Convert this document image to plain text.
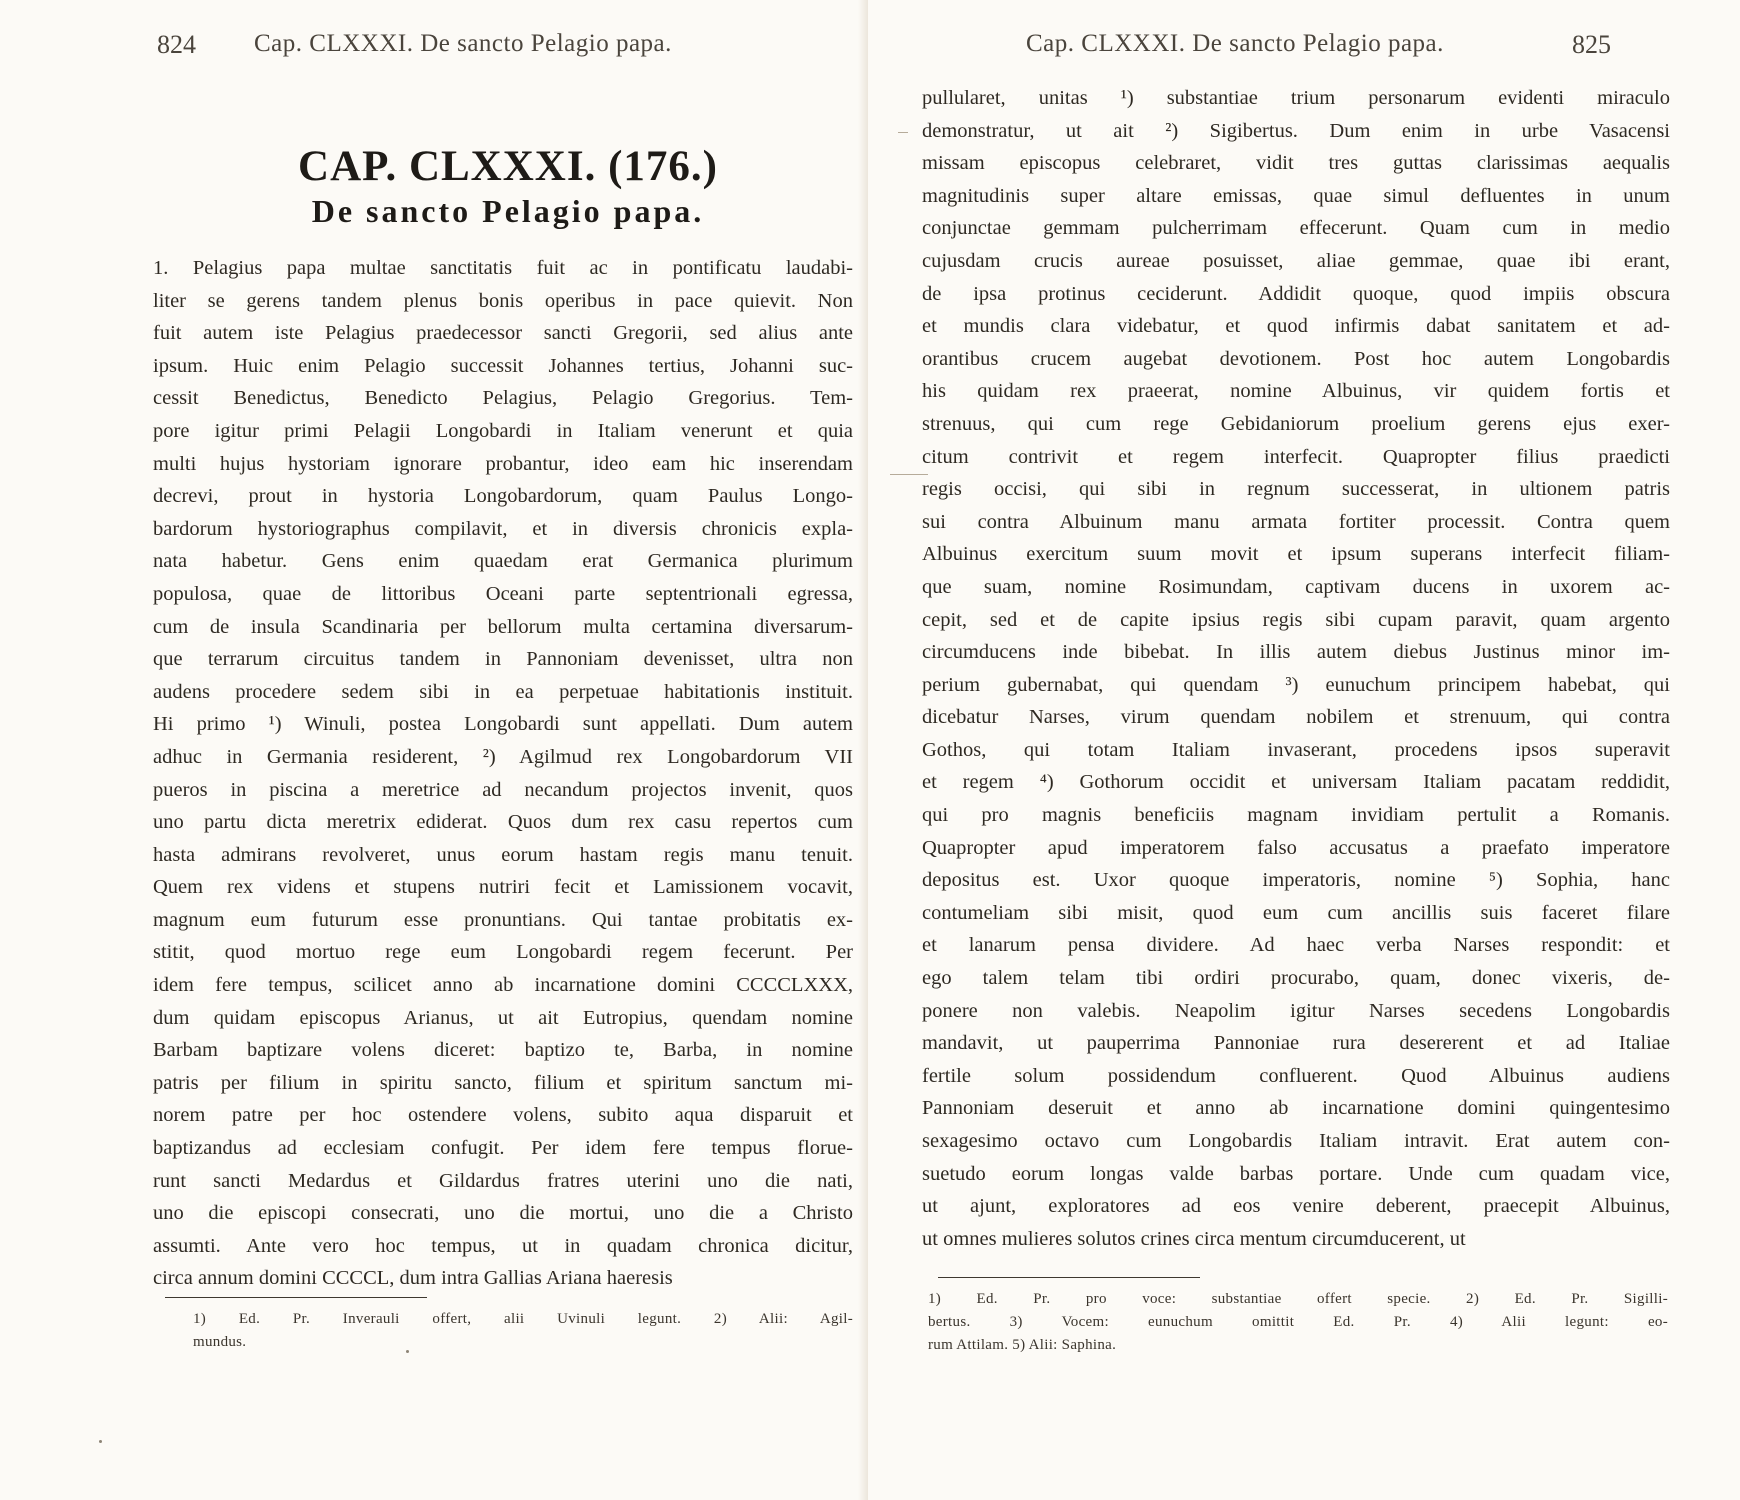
824 Cap. CLXXXI. De sancto Pelagio papa.
CAP. CLXXXI. (176.)
De sancto Pelagio papa.
1. Pelagius papa multae sanctitatis fuit ac in pontificatu laudabi-
liter se gerens tandem plenus bonis operibus in pace quievit. Non
fuit autem iste Pelagius praedecessor sancti Gregorii, sed alius ante
ipsum. Huic enim Pelagio successit Johannes tertius, Johanni suc-
cessit Benedictus, Benedicto Pelagius, Pelagio Gregorius. Tem-
pore igitur primi Pelagii Longobardi in Italiam venerunt et quia
multi hujus hystoriam ignorare probantur, ideo eam hic inserendam
decrevi, prout in hystoria Longobardorum, quam Paulus Longo-
bardorum hystoriographus compilavit, et in diversis chronicis expla-
nata habetur. Gens enim quaedam erat Germanica plurimum
populosa, quae de littoribus Oceani parte septentrionali egressa,
cum de insula Scandinaria per bellorum multa certamina diversarum-
que terrarum circuitus tandem in Pannoniam devenisset, ultra non
audens procedere sedem sibi in ea perpetuae habitationis instituit.
Hi primo ¹) Winuli, postea Longobardi sunt appellati. Dum autem
adhuc in Germania residerent, ²) Agilmud rex Longobardorum VII
pueros in piscina a meretrice ad necandum projectos invenit, quos
uno partu dicta meretrix ediderat. Quos dum rex casu repertos cum
hasta admirans revolveret, unus eorum hastam regis manu tenuit.
Quem rex videns et stupens nutriri fecit et Lamissionem vocavit,
magnum eum futurum esse pronuntians. Qui tantae probitatis ex-
stitit, quod mortuo rege eum Longobardi regem fecerunt. Per
idem fere tempus, scilicet anno ab incarnatione domini CCCCLXXX,
dum quidam episcopus Arianus, ut ait Eutropius, quendam nomine
Barbam baptizare volens diceret: baptizo te, Barba, in nomine
patris per filium in spiritu sancto, filium et spiritum sanctum mi-
norem patre per hoc ostendere volens, subito aqua disparuit et
baptizandus ad ecclesiam confugit. Per idem fere tempus florue-
runt sancti Medardus et Gildardus fratres uterini uno die nati,
uno die episcopi consecrati, uno die mortui, uno die a Christo
assumti. Ante vero hoc tempus, ut in quadam chronica dicitur,
circa annum domini CCCCL, dum intra Gallias Ariana haeresis
1) Ed. Pr. Inverauli offert, alii Uvinuli legunt. 2) Alii: Agil-
mundus.
Cap. CLXXXI. De sancto Pelagio papa.	825
pullularet, unitas ¹) substantiae trium personarum evidenti miraculo
demonstratur, ut ait ²) Sigibertus. Dum enim in urbe Vasacensi
missam episcopus celebraret, vidit tres guttas clarissimas aequalis
magnitudinis super altare emissas, quae simul defluentes in unum
conjunctae gemmam pulcherrimam effecerunt. Quam cum in medio
cujusdam crucis aureae posuisset, aliae gemmae, quae ibi erant,
de ipsa protinus ceciderunt. Addidit quoque, quod impiis obscura
et mundis clara videbatur, et quod infirmis dabat sanitatem et ad-
orantibus crucem augebat devotionem. Post hoc autem Longobardis
his quidam rex praeerat, nomine Albuinus, vir quidem fortis et
strenuus, qui cum rege Gebidaniorum proelium gerens ejus exer-
citum contrivit et regem interfecit. Quapropter filius praedicti
regis occisi, qui sibi in regnum successerat, in ultionem patris
sui contra Albuinum manu armata fortiter processit. Contra quem
Albuinus exercitum suum movit et ipsum superans interfecit filiam-
que suam, nomine Rosimundam, captivam ducens in uxorem ac-
cepit, sed et de capite ipsius regis sibi cupam paravit, quam argento
circumducens inde bibebat. In illis autem diebus Justinus minor im-
perium gubernabat, qui quendam ³) eunuchum principem habebat, qui
dicebatur Narses, virum quendam nobilem et strenuum, qui contra
Gothos, qui totam Italiam invaserant, procedens ipsos superavit
et regem ⁴) Gothorum occidit et universam Italiam pacatam reddidit,
qui pro magnis beneficiis magnam invidiam pertulit a Romanis.
Quapropter apud imperatorem falso accusatus a praefato imperatore
depositus est. Uxor quoque imperatoris, nomine ⁵) Sophia, hanc
contumeliam sibi misit, quod eum cum ancillis suis faceret filare
et lanarum pensa dividere. Ad haec verba Narses respondit: et
ego talem telam tibi ordiri procurabo, quam, donec vixeris, de-
ponere non valebis. Neapolim igitur Narses secedens Longobardis
mandavit, ut pauperrima Pannoniae rura desererent et ad Italiae
fertile solum possidendum confluerent. Quod Albuinus audiens
Pannoniam deseruit et anno ab incarnatione domini quingentesimo
sexagesimo octavo cum Longobardis Italiam intravit. Erat autem con-
suetudo eorum longas valde barbas portare. Unde cum quadam vice,
ut ajunt, exploratores ad eos venire deberent, praecepit Albuinus,
ut omnes mulieres solutos crines circa mentum circumducerent, ut
1) Ed. Pr. pro voce: substantiae offert specie. 2) Ed. Pr. Sigilli-
bertus. 3) Vocem: eunuchum omittit Ed. Pr. 4) Alii legunt: eo-
rum Attilam. 5) Alii: Saphina.
